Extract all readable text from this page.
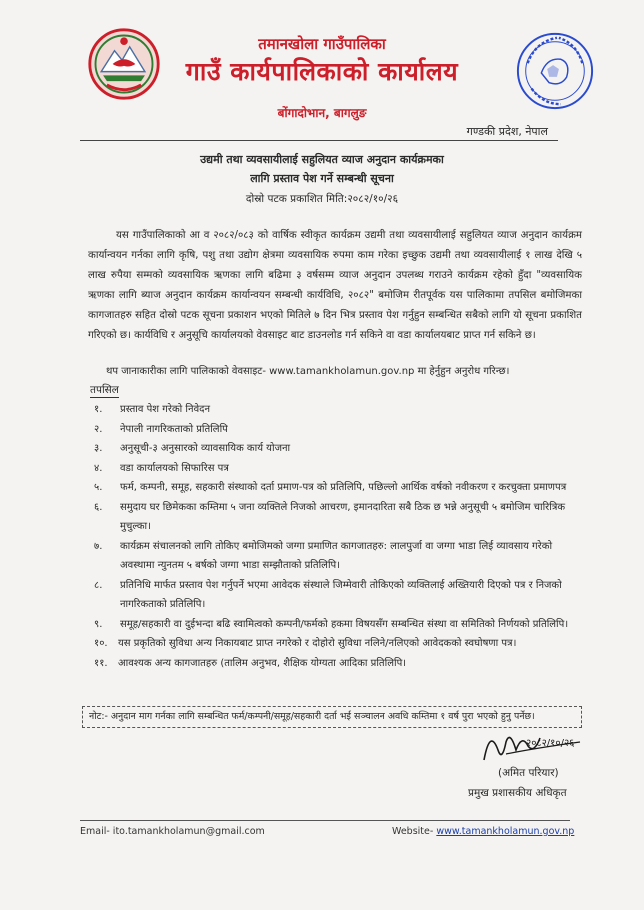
तमानखोला गाउँपालिका
गाउँ कार्यपालिकाको कार्यालय
बोंगादोभान, बागलुङ
गण्डकी प्रदेश, नेपाल
उद्यमी तथा व्यवसायीलाई सहुलियत व्याज अनुदान कार्यक्रमका
लागि प्रस्ताव पेश गर्ने सम्बन्धी सूचना
दोस्रो पटक प्रकाशित मिति:२०८२/१०/२६
यस गाउँपालिकाको आ व २०८२/०८३ को वार्षिक स्वीकृत कार्यक्रम उद्यमी तथा व्यवसायीलाई सहुलियत व्याज अनुदान कार्यक्रम कार्यान्वयन गर्नका लागि कृषि, पशु तथा उद्योग क्षेत्रमा व्यवसायिक रुपमा काम गरेका इच्छुक उद्यमी तथा व्यवसायीलाई १ लाख देखि ५ लाख रुपैया सम्मको व्यवसायिक ऋणका लागि बढिमा ३ वर्षसम्म व्याज अनुदान उपलब्ध गराउने कार्यक्रम रहेको हुँदा "व्यवसायिक ऋणका लागि ब्याज अनुदान कार्यक्रम कार्यान्वयन सम्बन्धी कार्यविधि, २०८२" बमोजिम रीतपूर्वक यस पालिकामा तपसिल बमोजिमका कागजातहरु सहित दोस्रो पटक सूचना प्रकाशन भएको मितिले ७ दिन भित्र प्रस्ताव पेश गर्नुहुन सम्बन्धित सबैको लागि यो सूचना प्रकाशित गरिएको छ। कार्यविधि र अनुसूचि कार्यालयको वेवसाइट बाट डाउनलोड गर्न सकिने वा वडा कार्यालयबाट प्राप्त गर्न सकिने छ।
थप जानाकारीका लागि पालिकाको वेवसाइट- www.tamankholamun.gov.np मा हेर्नुहुन अनुरोध गरिन्छ।
तपसिल
१. प्रस्ताव पेश गरेको निवेदन
२. नेपाली नागरिकताको प्रतिलिपि
३. अनुसूची-३ अनुसारको व्यावसायिक कार्य योजना
४. वडा कार्यालयको सिफारिस पत्र
५. फर्म, कम्पनी, समूह, सहकारी संस्थाको दर्ता प्रमाण-पत्र को प्रतिलिपि, पछिल्लो आर्थिक वर्षको नवीकरण र करचुक्ता प्रमाणपत्र
६. समुदाय घर छिमेकका कम्तिमा ५ जना व्यक्तिले निजको आचरण, इमानदारिता सबै ठिक छ भन्ने अनुसूची ५ बमोजिम चारित्रिक मुचुल्का।
७. कार्यक्रम संचालनको लागि तोकिए बमोजिमको जग्गा प्रमाणित कागजातहरु: लालपुर्जा वा जग्गा भाडा लिई व्यावसाय गरेको अवस्थामा न्युनतम ५ बर्षको जग्गा भाडा सम्झौताको प्रतिलिपि।
८. प्रतिनिधि मार्फत प्रस्ताव पेश गर्नुपर्ने भएमा आवेदक संस्थाले जिम्मेवारी तोकिएको व्यक्तिलाई अख्तियारी दिएको पत्र र निजको नागरिकताको प्रतिलिपि।
९. समूह/सहकारी वा दुईभन्दा बढि स्वामित्वको कम्पनी/फर्मको हकमा विषयसँग सम्बन्धित संस्था वा समितिको निर्णयको प्रतिलिपि।
१०. यस प्रकृतिको सुविधा अन्य निकायबाट प्राप्त नगरेको र दोहोरो सुविधा नलिने/नलिएको आवेदकको स्वघोषणा पत्र।
११. आवश्यक अन्य कागजातहरु (तालिम अनुभव, शैक्षिक योग्यता आदिका प्रतिलिपि।
नोट:- अनुदान माग गर्नका लागि सम्बन्धित फर्म/कम्पनी/समूह/सहकारी दर्ता भई सञ्चालन अवधि कम्तिमा १ वर्ष पुरा भएको हुनु पर्नेछ।
२०८२/१०/२६
(अमित परियार)
प्रमुख प्रशासकीय अधिकृत
Email- ito.tamankholamun@gmail.com	Website- www.tamankholamun.gov.np
